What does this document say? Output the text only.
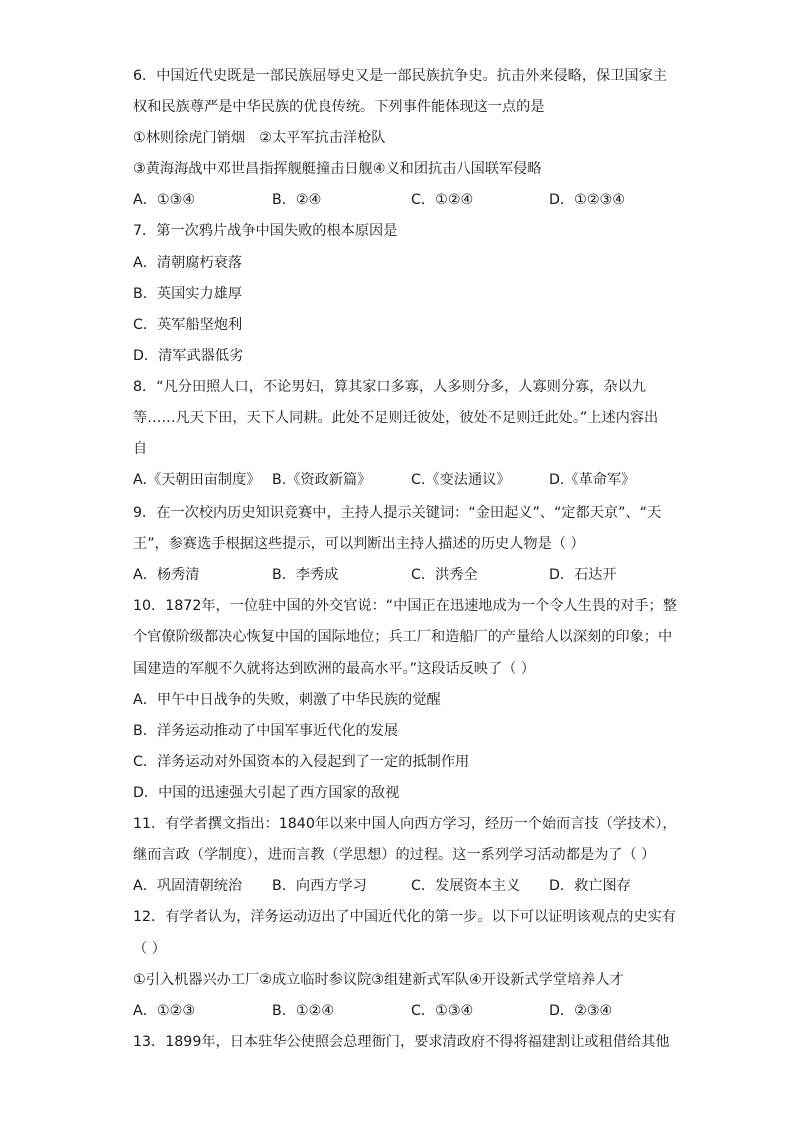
6．中国近代史既是一部民族屈辱史又是一部民族抗争史。抗击外来侵略，保卫国家主
权和民族尊严是中华民族的优良传统。下列事件能体现这一点的是
①林则徐虎门销烟　②太平军抗击洋枪队
③黄海海战中邓世昌指挥舰艇撞击日舰④义和团抗击八国联军侵略
A．①③④	B．②④	C．①②④	D．①②③④
7．第一次鸦片战争中国失败的根本原因是
A．清朝腐朽衰落
B．英国实力雄厚
C．英军船坚炮利
D．清军武器低劣
8．“凡分田照人口，不论男妇，算其家口多寡，人多则分多，人寡则分寡，杂以九
等……凡天下田，天下人同耕。此处不足则迁彼处，彼处不足则迁此处。”上述内容出
自
A.《天朝田亩制度》 B.《资政新篇》	C.《变法通议》	D.《革命军》
9．在一次校内历史知识竞赛中，主持人提示关键词：“金田起义”、“定都天京”、“天
王”，参赛选手根据这些提示，可以判断出主持人描述的历史人物是（ ）
A．杨秀清	B．李秀成	C．洪秀全	D．石达开
10．1872年，一位驻中国的外交官说：“中国正在迅速地成为一个令人生畏的对手；整
个官僚阶级都决心恢复中国的国际地位；兵工厂和造船厂的产量给人以深刻的印象；中
国建造的军舰不久就将达到欧洲的最高水平。”这段话反映了（ ）
A．甲午中日战争的失败，刺激了中华民族的觉醒
B．洋务运动推动了中国军事近代化的发展
C．洋务运动对外国资本的入侵起到了一定的抵制作用
D．中国的迅速强大引起了西方国家的敌视
11．有学者撰文指出：1840年以来中国人向西方学习，经历一个始而言技（学技术），
继而言政（学制度），进而言教（学思想）的过程。这一系列学习活动都是为了（ ）
A．巩固清朝统治 B．向西方学习	C．发展资本主义 D．救亡图存
12．有学者认为，洋务运动迈出了中国近代化的第一步。以下可以证明该观点的史实有
（ ）
①引入机器兴办工厂②成立临时参议院③组建新式军队④开设新式学堂培养人才
A．①②③	B．①②④	C．①③④	D．②③④
13．1899年，日本驻华公使照会总理衙门，要求清政府不得将福建割让或租借给其他
